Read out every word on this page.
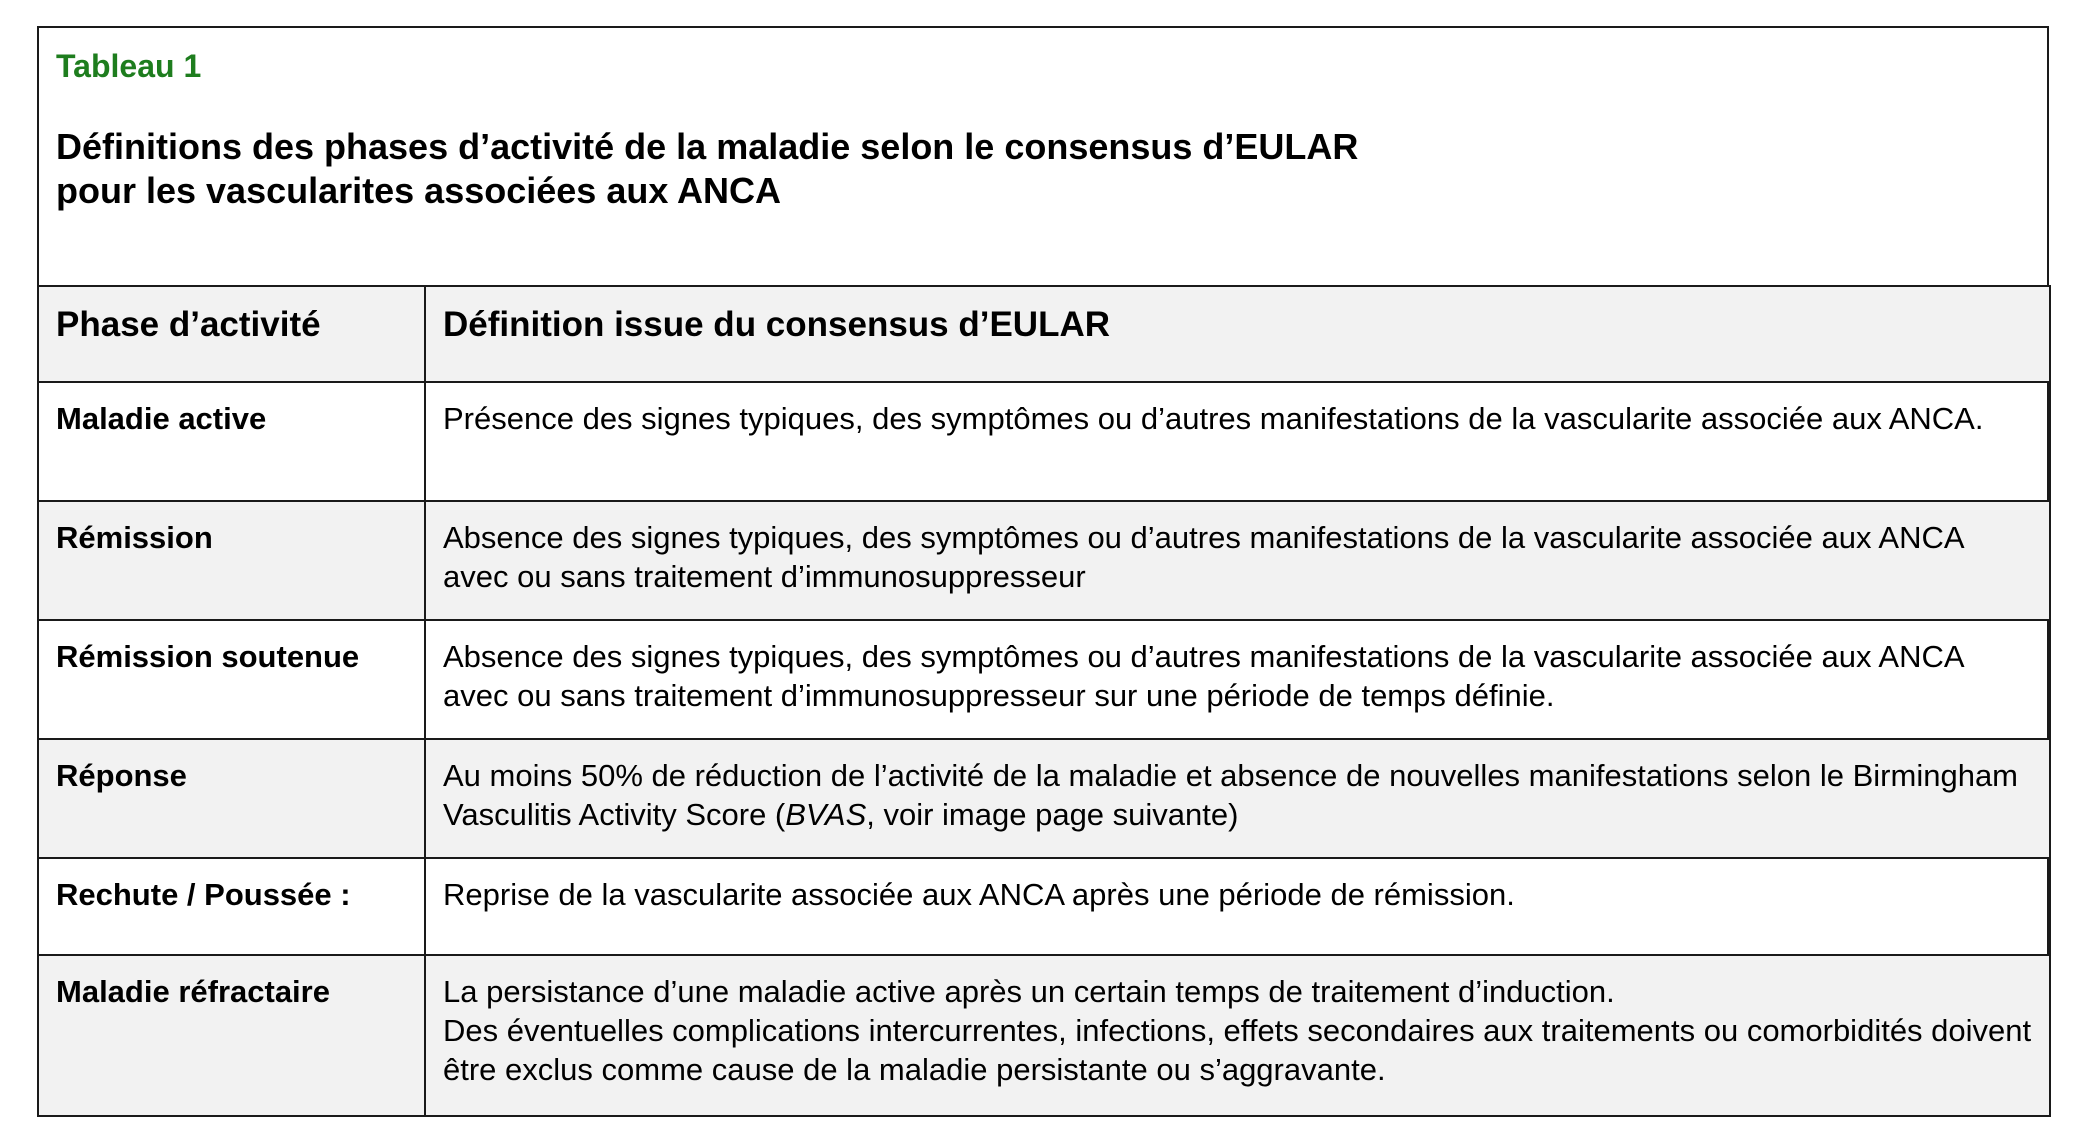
Tableau 1

Définitions des phases d’activité de la maladie selon le consensus d’EULAR
pour les vascularites associées aux ANCA
Phase d’activité	Définition issue du consensus d’EULAR

Maladie active	Présence des signes typiques, des symptômes ou d’autres manifestations de la vascularite associée aux ANCA.

Rémission	Absence des signes typiques, des symptômes ou d’autres manifestations de la vascularite associée aux ANCA avec ou sans traitement d’immunosuppresseur

Rémission soutenue	Absence des signes typiques, des symptômes ou d’autres manifestations de la vascularite associée aux ANCA avec ou sans traitement d’immunosuppresseur sur une période de temps définie.

Réponse	Au moins 50% de réduction de l’activité de la maladie et absence de nouvelles manifestations selon le Birmingham Vasculitis Activity Score (BVAS, voir image page suivante)

Rechute / Poussée :	Reprise de la vascularite associée aux ANCA après une période de rémission.

Maladie réfractaire	La persistance d’une maladie active après un certain temps de traitement d’induction.
Des éventuelles complications intercurrentes, infections, effets secondaires aux traitements ou comorbidités doivent être exclus comme cause de la maladie persistante ou s’aggravante.
